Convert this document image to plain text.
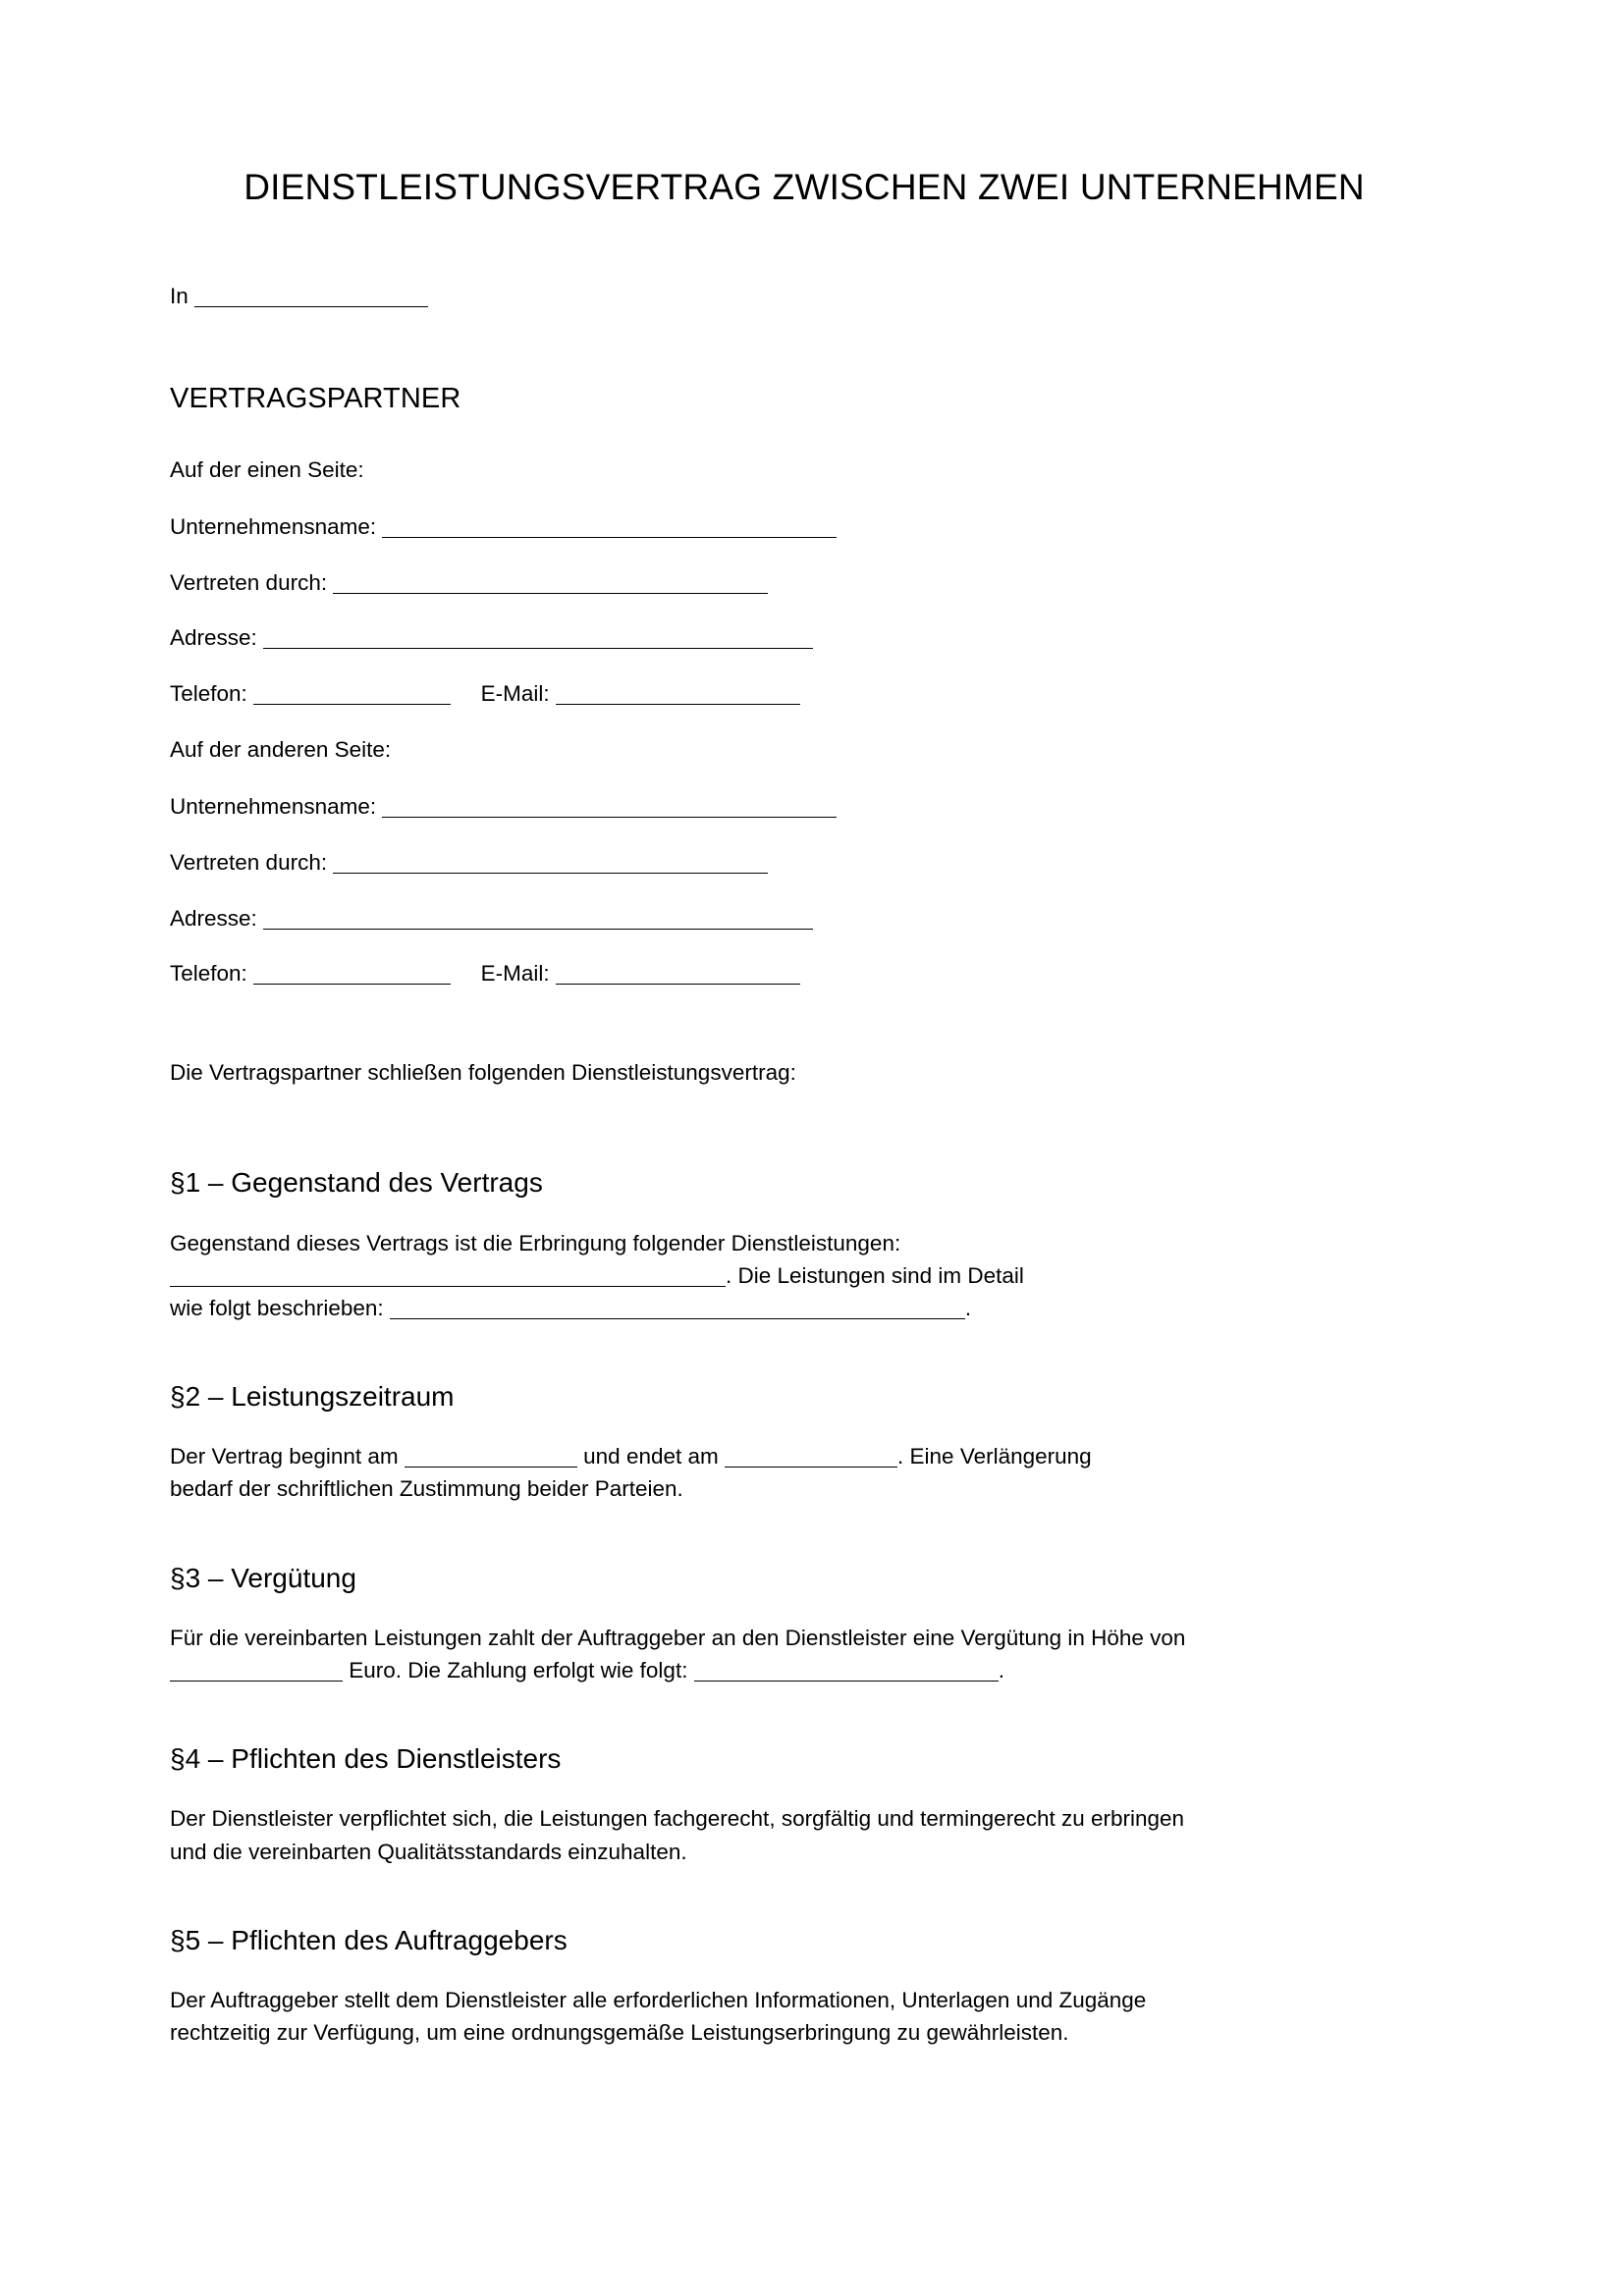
DIENSTLEISTUNGSVERTRAG ZWISCHEN ZWEI UNTERNEHMEN
In
VERTRAGSPARTNER
Auf der einen Seite:
Unternehmensname:
Vertreten durch:
Adresse:
Telefon:	E-Mail:
Auf der anderen Seite:
Unternehmensname:
Vertreten durch:
Adresse:
Telefon:	E-Mail:
Die Vertragspartner schließen folgenden Dienstleistungsvertrag:
§1 – Gegenstand des Vertrags
Gegenstand dieses Vertrags ist die Erbringung folgender Dienstleistungen:
. Die Leistungen sind im Detail
wie folgt beschrieben:	.
§2 – Leistungszeitraum
Der Vertrag beginnt am	und endet am	. Eine Verlängerung
bedarf der schriftlichen Zustimmung beider Parteien.
§3 – Vergütung
Für die vereinbarten Leistungen zahlt der Auftraggeber an den Dienstleister eine Vergütung in Höhe von
Euro. Die Zahlung erfolgt wie folgt:	.
§4 – Pflichten des Dienstleisters
Der Dienstleister verpflichtet sich, die Leistungen fachgerecht, sorgfältig und termingerecht zu erbringen
und die vereinbarten Qualitätsstandards einzuhalten.
§5 – Pflichten des Auftraggebers
Der Auftraggeber stellt dem Dienstleister alle erforderlichen Informationen, Unterlagen und Zugänge
rechtzeitig zur Verfügung, um eine ordnungsgemäße Leistungserbringung zu gewährleisten.
